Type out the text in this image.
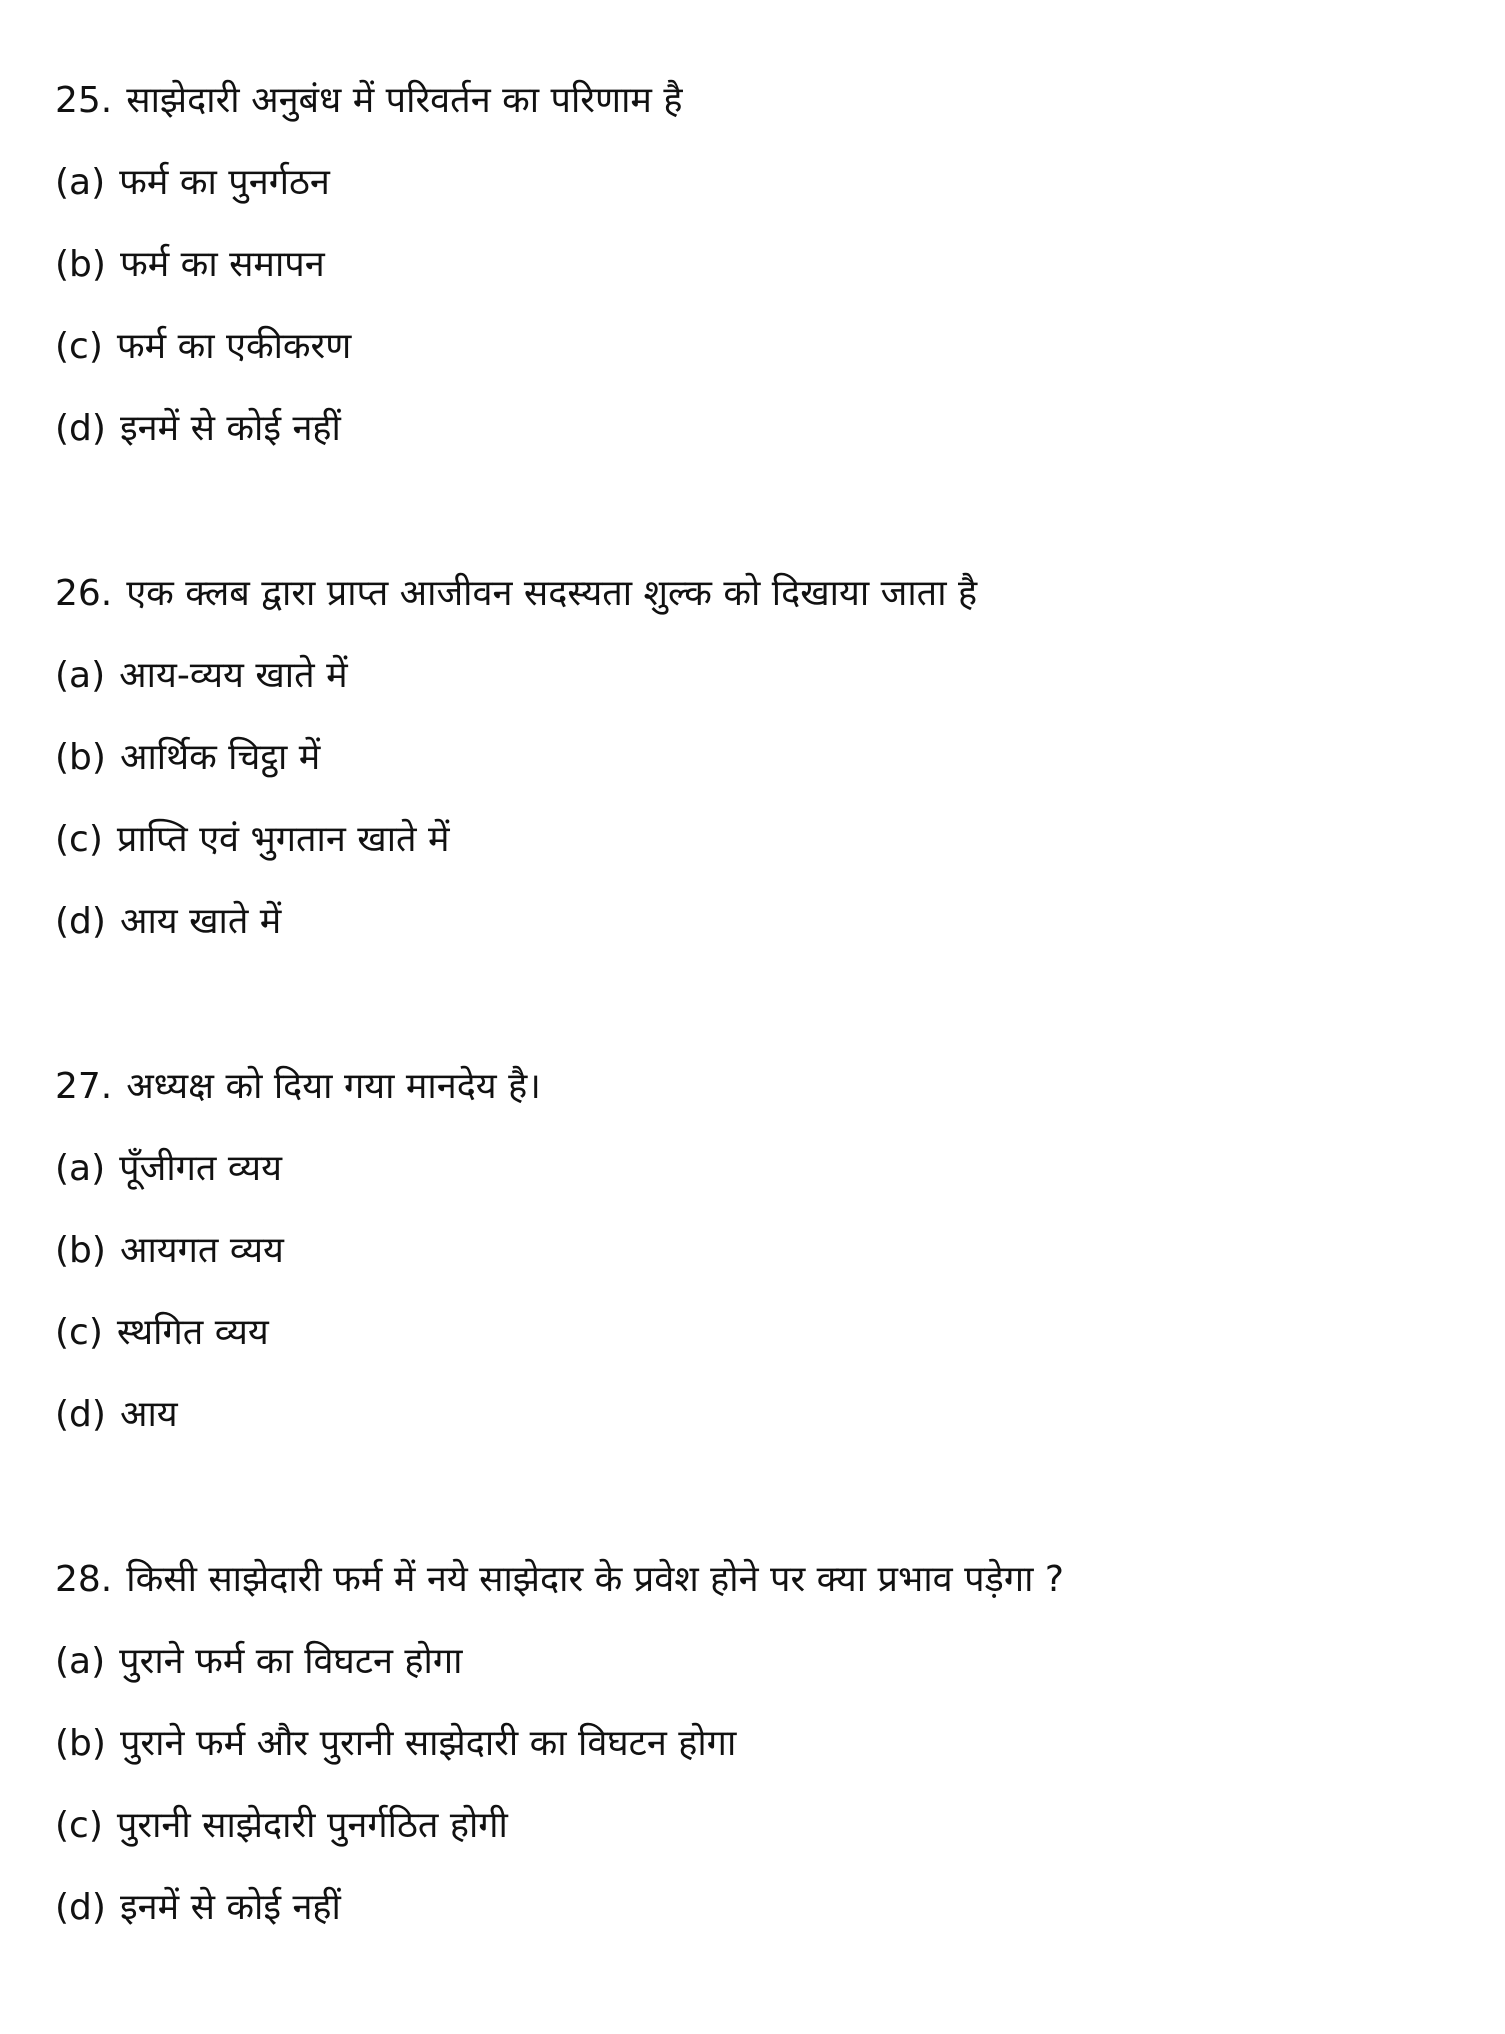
25. साझेदारी अनुबंध में परिवर्तन का परिणाम है
(a) फर्म का पुनर्गठन
(b) फर्म का समापन
(c) फर्म का एकीकरण
(d) इनमें से कोई नहीं
26. एक क्लब द्वारा प्राप्त आजीवन सदस्यता शुल्क को दिखाया जाता है
(a) आय-व्यय खाते में
(b) आर्थिक चिट्ठा में
(c) प्राप्ति एवं भुगतान खाते में
(d) आय खाते में
27. अध्यक्ष को दिया गया मानदेय है।
(a) पूँजीगत व्यय
(b) आयगत व्यय
(c) स्थगित व्यय
(d) आय
28. किसी साझेदारी फर्म में नये साझेदार के प्रवेश होने पर क्या प्रभाव पड़ेगा ?
(a) पुराने फर्म का विघटन होगा
(b) पुराने फर्म और पुरानी साझेदारी का विघटन होगा
(c) पुरानी साझेदारी पुनर्गठित होगी
(d) इनमें से कोई नहीं
